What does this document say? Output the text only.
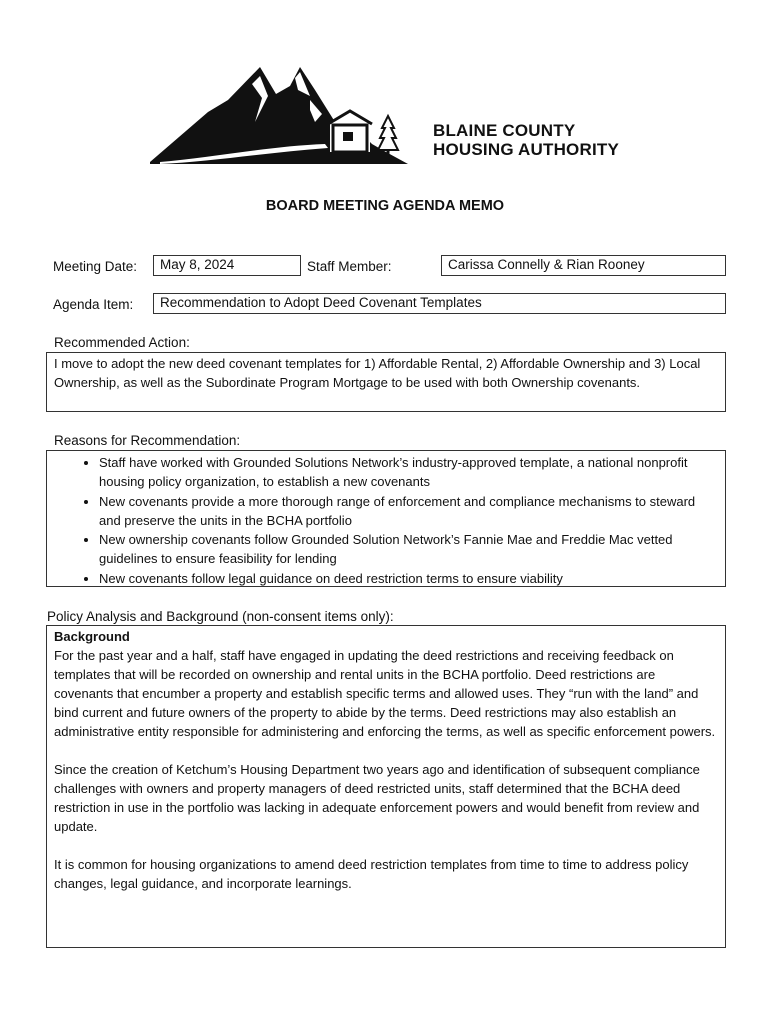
BLAINE COUNTY
HOUSING AUTHORITY
BOARD MEETING AGENDA MEMO
Meeting Date:	May 8, 2024	Staff Member:	Carissa Connelly & Rian Rooney
Agenda Item:	Recommendation to Adopt Deed Covenant Templates
Recommended Action:
I move to adopt the new deed covenant templates for 1) Affordable Rental, 2) Affordable Ownership and 3) Local Ownership, as well as the Subordinate Program Mortgage to be used with both Ownership covenants.
Reasons for Recommendation:
• Staff have worked with Grounded Solutions Network’s industry-approved template, a national nonprofit housing policy organization, to establish a new covenants
• New covenants provide a more thorough range of enforcement and compliance mechanisms to steward and preserve the units in the BCHA portfolio
• New ownership covenants follow Grounded Solution Network’s Fannie Mae and Freddie Mac vetted guidelines to ensure feasibility for lending
• New covenants follow legal guidance on deed restriction terms to ensure viability
Policy Analysis and Background (non-consent items only):
Background
For the past year and a half, staff have engaged in updating the deed restrictions and receiving feedback on templates that will be recorded on ownership and rental units in the BCHA portfolio. Deed restrictions are covenants that encumber a property and establish specific terms and allowed uses. They “run with the land” and bind current and future owners of the property to abide by the terms. Deed restrictions may also establish an administrative entity responsible for administering and enforcing the terms, as well as specific enforcement powers.
Since the creation of Ketchum’s Housing Department two years ago and identification of subsequent compliance challenges with owners and property managers of deed restricted units, staff determined that the BCHA deed restriction in use in the portfolio was lacking in adequate enforcement powers and would benefit from review and update.
It is common for housing organizations to amend deed restriction templates from time to time to address policy changes, legal guidance, and incorporate learnings.
